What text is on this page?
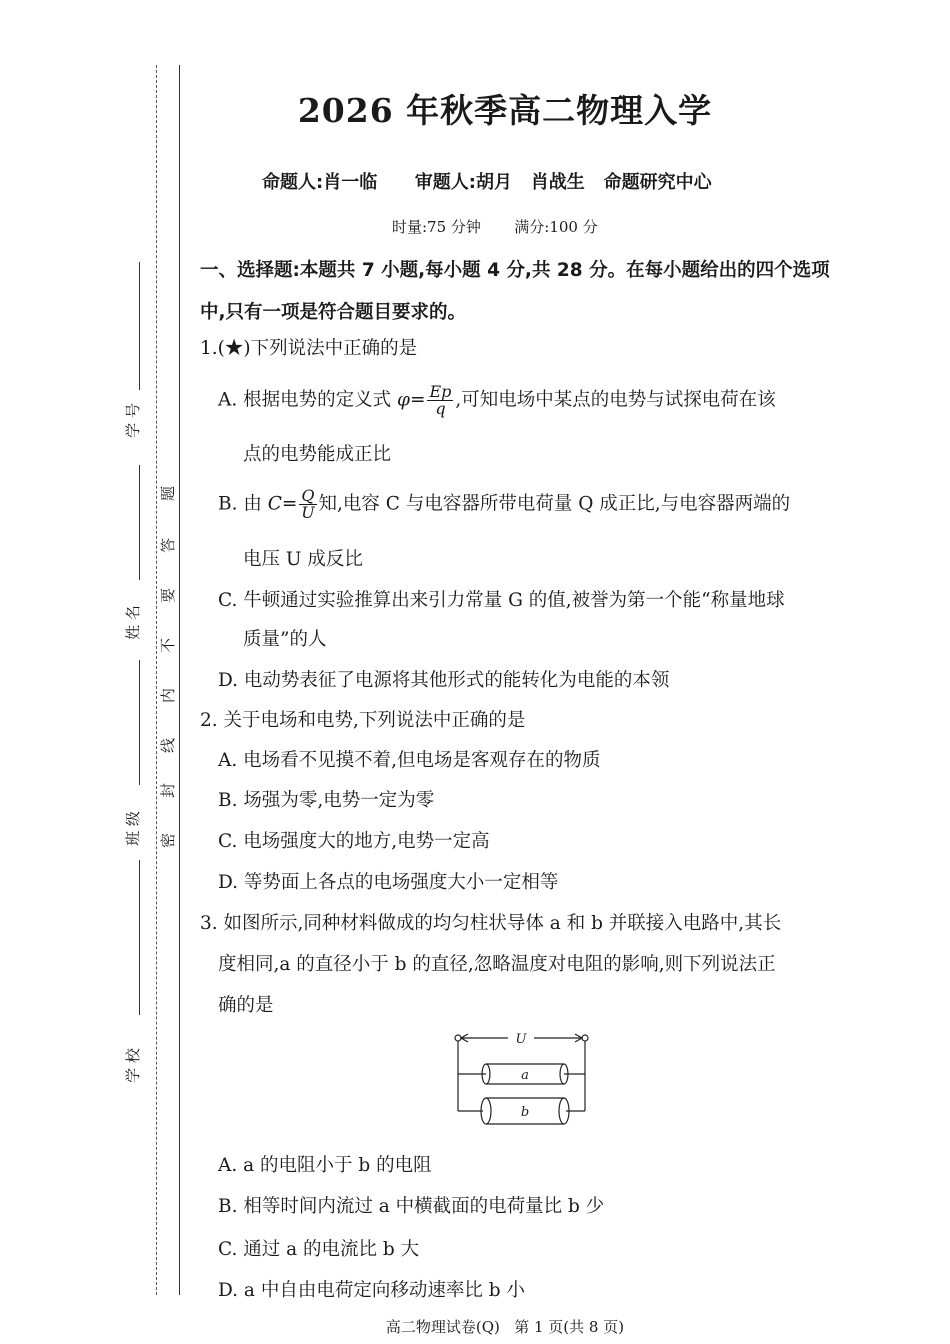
学 号
姓 名
班 级
学 校
密
封
线
内
不
要
答
题
2026 年秋季高二物理入学
命题人:肖一临      审题人:胡月   肖战生   命题研究中心
时量:75 分钟       满分:100 分
一、选择题:本题共 7 小题,每小题 4 分,共 28 分。在每小题给出的四个选项中,只有一项是符合题目要求的。
1.(★)下列说法中正确的是
A. 根据电势的定义式 $\varphi= \frac{Ep}{q}$ ,可知电场中某点的电势与试探电荷在该
点的电势能成正比
B. 由 $C= \frac{Q}{U}$ 知,电容 C 与电容器所带电荷量 Q 成正比,与电容器两端的
电压 U 成反比
C. 牛顿通过实验推算出来引力常量 G 的值,被誉为第一个能“称量地球
质量”的人
D. 电动势表征了电源将其他形式的能转化为电能的本领
2. 关于电场和电势,下列说法中正确的是
A. 电场看不见摸不着,但电场是客观存在的物质
B. 场强为零,电势一定为零
C. 电场强度大的地方,电势一定高
D. 等势面上各点的电场强度大小一定相等
3. 如图所示,同种材料做成的均匀柱状导体 a 和 b 并联接入电路中,其长
度相同,a 的直径小于 b 的直径,忽略温度对电阻的影响,则下列说法正
确的是
U
a
b
A. a 的电阻小于 b 的电阻
B. 相等时间内流过 a 中横截面的电荷量比 b 少
C. 通过 a 的电流比 b 大
D. a 中自由电荷定向移动速率比 b 小
高二物理试卷(Q)   第 1 页(共 8 页)
